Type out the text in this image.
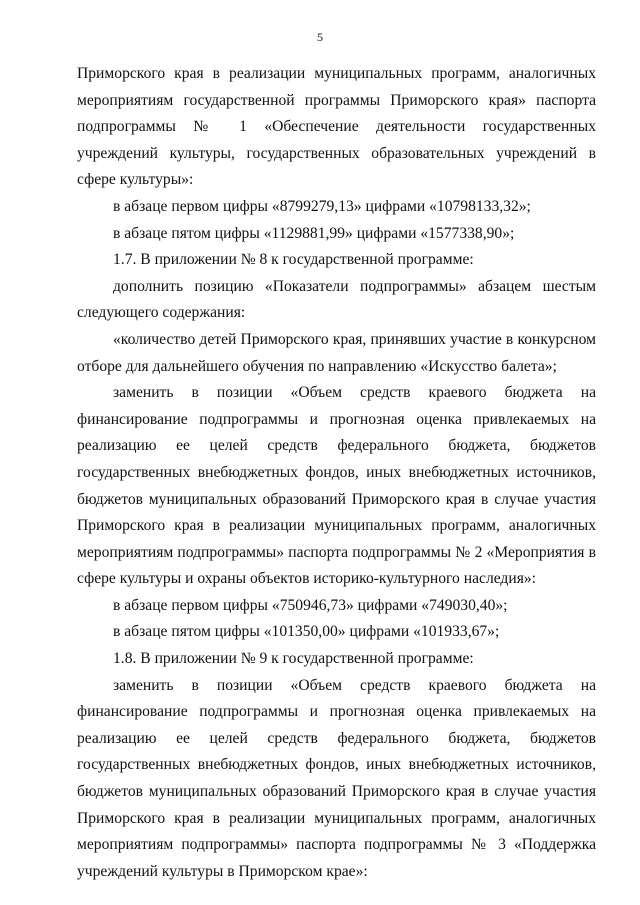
5

Приморского края в реализации муниципальных программ, аналогичных мероприятиям государственной программы Приморского края» паспорта подпрограммы № 1 «Обеспечение деятельности государственных учреждений культуры, государственных образовательных учреждений в сфере культуры»:

в абзаце первом цифры «8799279,13» цифрами «10798133,32»;

в абзаце пятом цифры «1129881,99» цифрами «1577338,90»;

1.7. В приложении № 8 к государственной программе:

дополнить позицию «Показатели подпрограммы» абзацем шестым следующего содержания:

«количество детей Приморского края, принявших участие в конкурсном отборе для дальнейшего обучения по направлению «Искусство балета»;

заменить в позиции «Объем средств краевого бюджета на финансирование подпрограммы и прогнозная оценка привлекаемых на реализацию ее целей средств федерального бюджета, бюджетов государственных внебюджетных фондов, иных внебюджетных источников, бюджетов муниципальных образований Приморского края в случае участия Приморского края в реализации муниципальных программ, аналогичных мероприятиям подпрограммы» паспорта подпрограммы № 2 «Мероприятия в сфере культуры и охраны объектов историко-культурного наследия»:

в абзаце первом цифры «750946,73» цифрами «749030,40»;

в абзаце пятом цифры «101350,00» цифрами «101933,67»;

1.8. В приложении № 9 к государственной программе:

заменить в позиции «Объем средств краевого бюджета на финансирование подпрограммы и прогнозная оценка привлекаемых на реализацию ее целей средств федерального бюджета, бюджетов государственных внебюджетных фондов, иных внебюджетных источников, бюджетов муниципальных образований Приморского края в случае участия Приморского края в реализации муниципальных программ, аналогичных мероприятиям подпрограммы» паспорта подпрограммы № 3 «Поддержка учреждений культуры в Приморском крае»:
